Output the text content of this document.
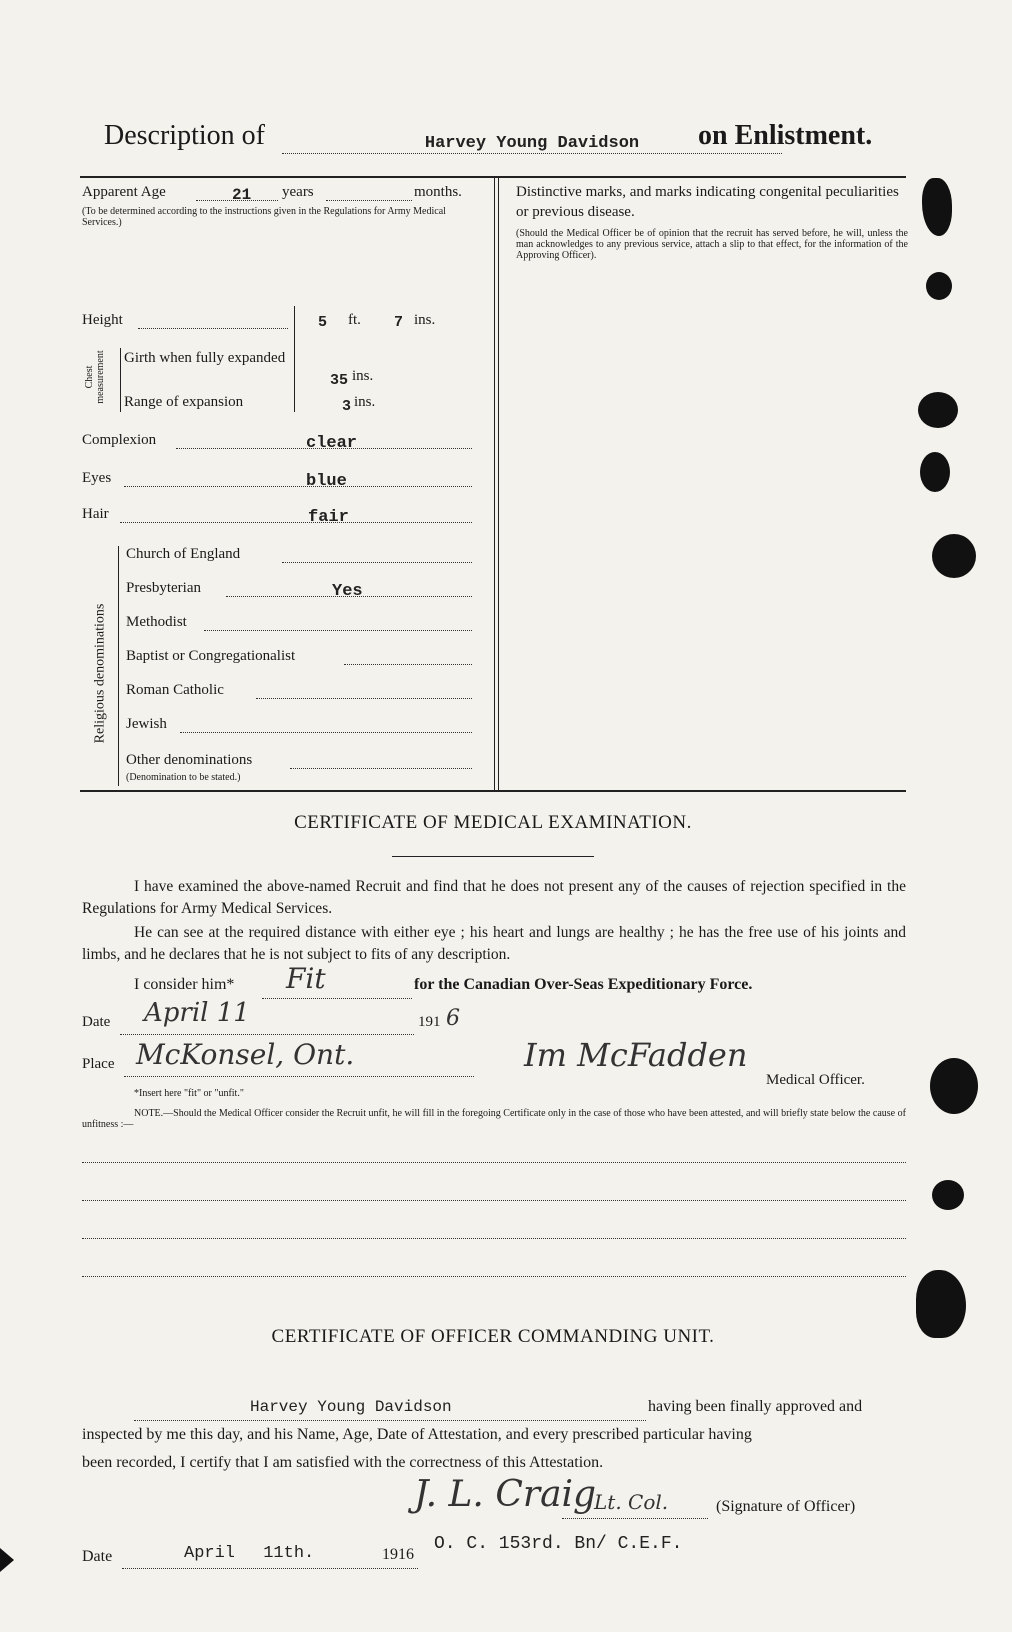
Description of	Harvey Young Davidson	on Enlistment.
Apparent Age	21 years	months.
(To be determined according to the instructions given in the Regulations for Army Medical Services.)
Height	5 ft. 7 ins.
Chest measurement Girth when fully expanded
35 ins.
Range of expansion	3 ins.
Complexion	clear
Eyes	blue
Hair	fair
Religious denominations
Church of England
Presbyterian	Yes
Methodist
Baptist or Congregationalist
Roman Catholic
Jewish
Other denominations
(Denomination to be stated.)
Distinctive marks, and marks indicating congenital peculiarities or previous disease.
(Should the Medical Officer be of opinion that the recruit has served before, he will, unless the man acknowledges to any previous service, attach a slip to that effect, for the information of the Approving Officer).
CERTIFICATE OF MEDICAL EXAMINATION.

I have examined the above-named Recruit and find that he does not present any of the causes of rejection specified in the Regulations for Army Medical Services.

He can see at the required distance with either eye ; his heart and lungs are healthy ; he has the free use of his joints and limbs, and he declares that he is not subject to fits of any description.

I consider him* Fit	for the Canadian Over-Seas Expeditionary Force.
Date April 11	191 6
Place McKonsel, Ont.	Im McFadden
Medical Officer.
*Insert here "fit" or "unfit."
NOTE.—Should the Medical Officer consider the Recruit unfit, he will fill in the foregoing Certificate only in the case of those who have been attested, and will briefly state below the cause of unfitness :—
CERTIFICATE OF OFFICER COMMANDING UNIT.
Harvey Young Davidson	having been finally approved and

inspected by me this day, and his Name, Age, Date of Attestation, and every prescribed particular having

been recorded, I certify that I am satisfied with the correctness of this Attestation.

J. L. Craig
Lt. Col.	(Signature of Officer)
Date	April 11th.	1916
O. C. 153rd. Bn/ C.E.F.
